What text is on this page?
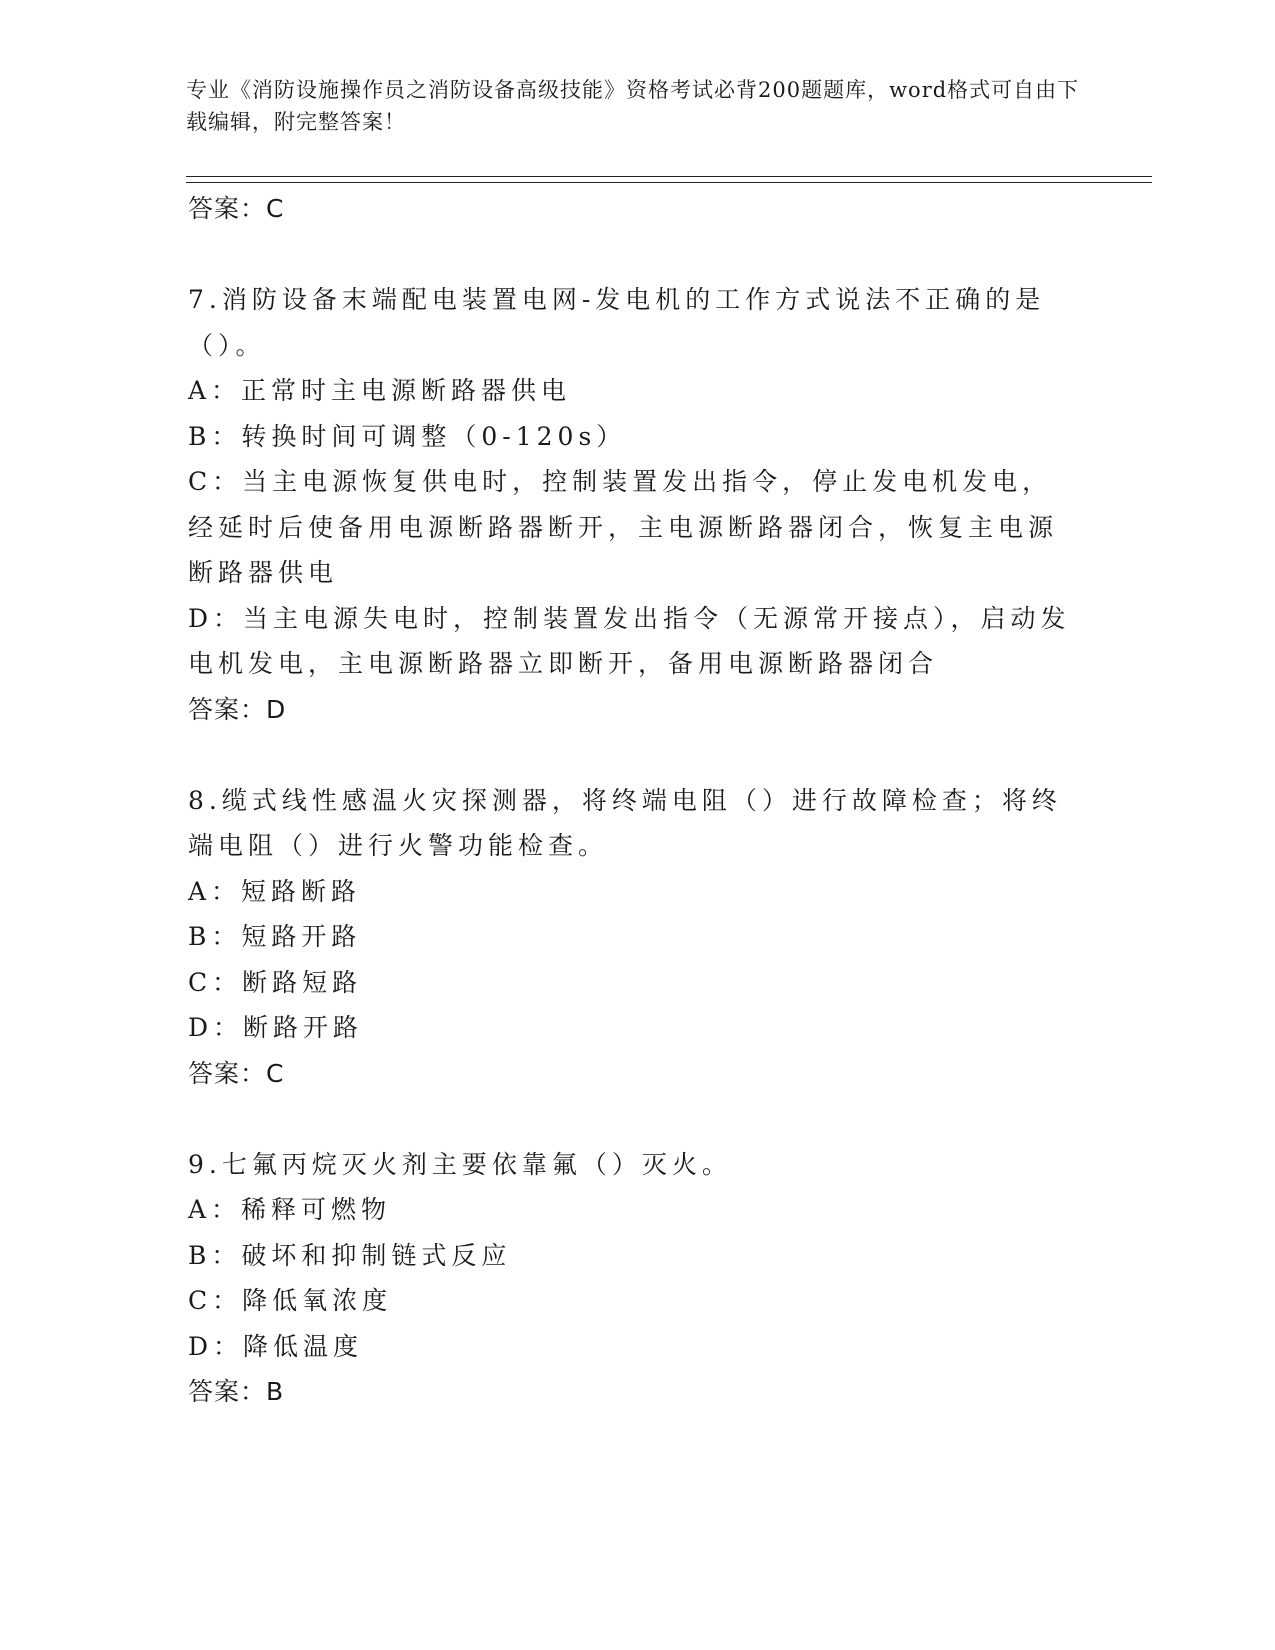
专业《消防设施操作员之消防设备高级技能》资格考试必背200题题库，word格式可自由下载编辑，附完整答案！
答案：C
7.消防设备末端配电装置电网-发电机的工作方式说法不正确的是（）。
A：正常时主电源断路器供电
B：转换时间可调整（0-120s）
C：当主电源恢复供电时，控制装置发出指令，停止发电机发电，经延时后使备用电源断路器断开，主电源断路器闭合，恢复主电源断路器供电
D：当主电源失电时，控制装置发出指令（无源常开接点），启动发电机发电，主电源断路器立即断开，备用电源断路器闭合
答案：D
8.缆式线性感温火灾探测器，将终端电阻（）进行故障检查；将终端电阻（）进行火警功能检查。
A：短路断路
B：短路开路
C：断路短路
D：断路开路
答案：C
9.七氟丙烷灭火剂主要依靠氟（）灭火。
A：稀释可燃物
B：破坏和抑制链式反应
C：降低氧浓度
D：降低温度
答案：B
